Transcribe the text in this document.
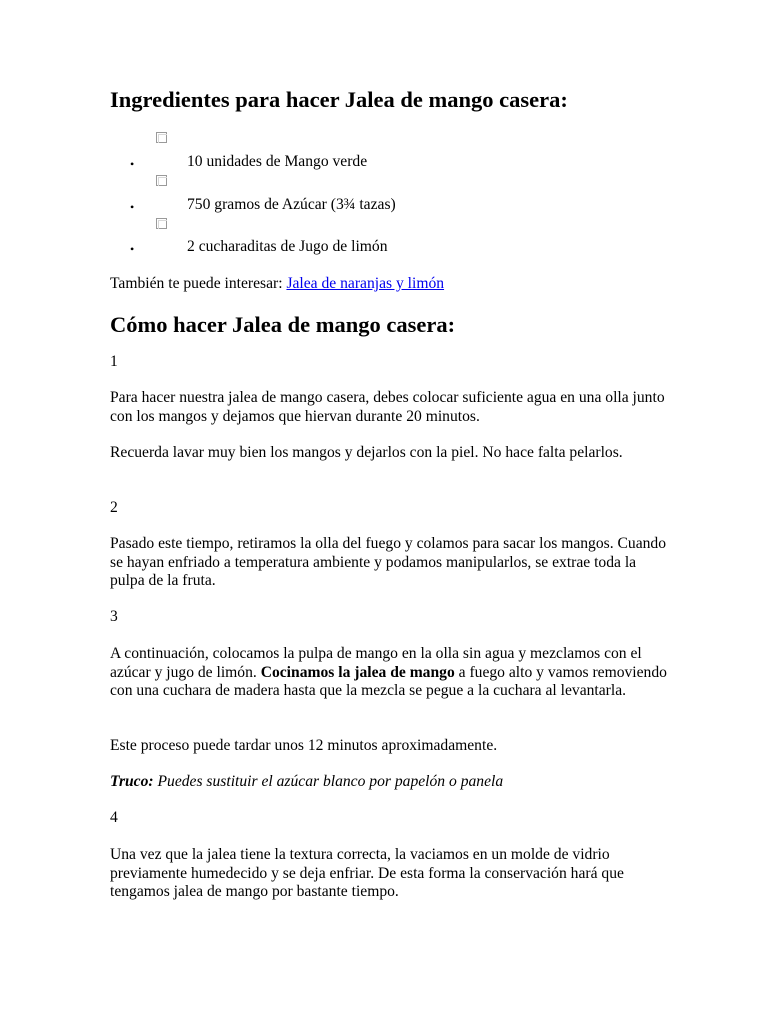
Ingredientes para hacer Jalea de mango casera:
•	10 unidades de Mango verde
•	750 gramos de Azúcar (3¾ tazas)
•	2 cucharaditas de Jugo de limón

También te puede interesar: Jalea de naranjas y limón

Cómo hacer Jalea de mango casera:
1

Para hacer nuestra jalea de mango casera, debes colocar suficiente agua en una olla junto con los mangos y dejamos que hiervan durante 20 minutos.

Recuerda lavar muy bien los mangos y dejarlos con la piel. No hace falta pelarlos.

2

Pasado este tiempo, retiramos la olla del fuego y colamos para sacar los mangos. Cuando se hayan enfriado a temperatura ambiente y podamos manipularlos, se extrae toda la pulpa de la fruta.

3

A continuación, colocamos la pulpa de mango en la olla sin agua y mezclamos con el azúcar y jugo de limón. Cocinamos la jalea de mango a fuego alto y vamos removiendo con una cuchara de madera hasta que la mezcla se pegue a la cuchara al levantarla.

Este proceso puede tardar unos 12 minutos aproximadamente.

Truco: Puedes sustituir el azúcar blanco por papelón o panela

4

Una vez que la jalea tiene la textura correcta, la vaciamos en un molde de vidrio previamente humedecido y se deja enfriar. De esta forma la conservación hará que tengamos jalea de mango por bastante tiempo.
